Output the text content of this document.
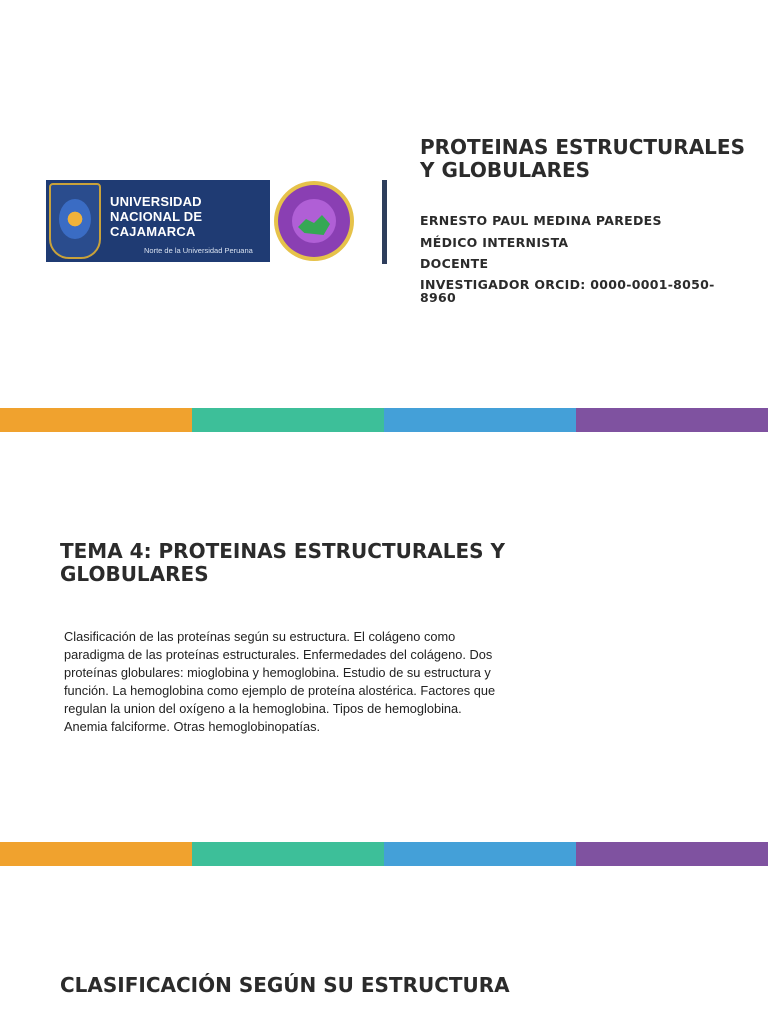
UNIVERSIDAD
NACIONAL DE
CAJAMARCA
Norte de la Universidad Peruana
PROTEINAS ESTRUCTURALES Y GLOBULARES
ERNESTO PAUL MEDINA PAREDES
MÉDICO INTERNISTA
DOCENTE
INVESTIGADOR ORCID: 0000-0001-8050-8960
TEMA 4: PROTEINAS ESTRUCTURALES Y GLOBULARES

Clasificación de las proteínas según su estructura. El colágeno como paradigma de las proteínas estructurales. Enfermedades del colágeno. Dos proteínas globulares: mioglobina y hemoglobina. Estudio de su estructura y función. La hemoglobina como ejemplo de proteína alostérica. Factores que regulan la union del oxígeno a la hemoglobina. Tipos de hemoglobina. Anemia falciforme. Otras hemoglobinopatías.

CLASIFICACIÓN SEGÚN SU ESTRUCTURA
